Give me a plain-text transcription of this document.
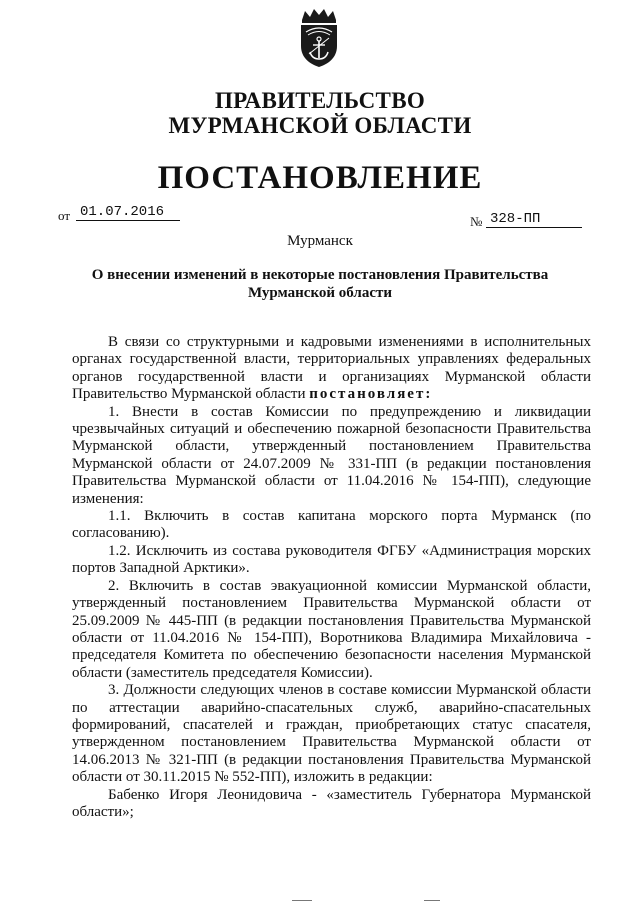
ПРАВИТЕЛЬСТВО
МУРМАНСКОЙ ОБЛАСТИ
ПОСТАНОВЛЕНИЕ
от 01.07.2016
№ 328-ПП
Мурманск
О внесении изменений в некоторые постановления Правительства
Мурманской области

В связи со структурными и кадровыми изменениями в исполнительных органах государственной власти, территориальных управлениях федеральных органов государственной власти и организациях Мурманской области Правительство Мурманской области постановляет:

1. Внести в состав Комиссии по предупреждению и ликвидации чрезвычайных ситуаций и обеспечению пожарной безопасности Правительства Мурманской области, утвержденный постановлением Правительства Мурманской области от 24.07.2009 № 331-ПП (в редакции постановления Правительства Мурманской области от 11.04.2016 № 154-ПП), следующие изменения:

1.1. Включить в состав капитана морского порта Мурманск (по согласованию).

1.2. Исключить из состава руководителя ФГБУ «Администрация морских портов Западной Арктики».

2. Включить в состав эвакуационной комиссии Мурманской области, утвержденный постановлением Правительства Мурманской области от 25.09.2009 № 445-ПП (в редакции постановления Правительства Мурманской области от 11.04.2016 № 154-ПП), Воротникова Владимира Михайловича - председателя Комитета по обеспечению безопасности населения Мурманской области (заместитель председателя Комиссии).

3. Должности следующих членов в составе комиссии Мурманской области по аттестации аварийно-спасательных служб, аварийно-спасательных формирований, спасателей и граждан, приобретающих статус спасателя, утвержденном постановлением Правительства Мурманской области от 14.06.2013 № 321-ПП (в редакции постановления Правительства Мурманской области от 30.11.2015 № 552-ПП), изложить в редакции:

Бабенко Игоря Леонидовича - «заместитель Губернатора Мурманской области»;
